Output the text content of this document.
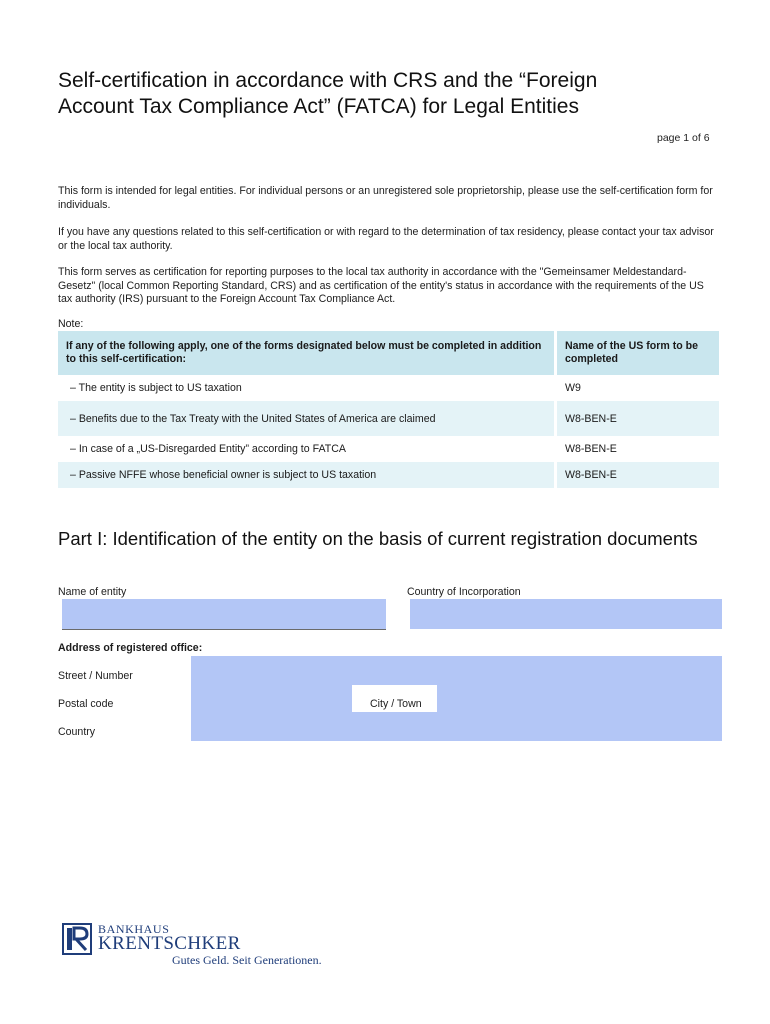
Self-certification in accordance with CRS and the “Foreign Account Tax Compliance Act” (FATCA) for Legal Entities
page 1 of 6

This form is intended for legal entities. For individual persons or an unregistered sole proprietorship, please use the self-certification form for individuals.

If you have any questions related to this self-certification or with regard to the determination of tax residency, please contact your tax advisor or the local tax authority.

This form serves as certification for reporting purposes to the local tax authority in accordance with the "Gemeinsamer Meldestandard-Gesetz" (local Common Reporting Standard, CRS) and as certification of the entity's status in accordance with the requirements of the US tax authority (IRS) pursuant to the Foreign Account Tax Compliance Act.

Note:
If any of the following apply, one of the forms designated below must be completed in addition to this self-certification:	Name of the US form to be completed
– The entity is subject to US taxation	W9
– Benefits due to the Tax Treaty with the United States of America are claimed	W8-BEN-E
– In case of a „US-Disregarded Entity” according to FATCA	W8-BEN-E
– Passive NFFE whose beneficial owner is subject to US taxation	W8-BEN-E
Part I: Identification of the entity on the basis of current registration documents
Name of entity	Country of Incorporation
Address of registered office:
Street / Number
Postal code	City / Town
Country
BANKHAUS
KRENTSCHKER
Gutes Geld. Seit Generationen.
